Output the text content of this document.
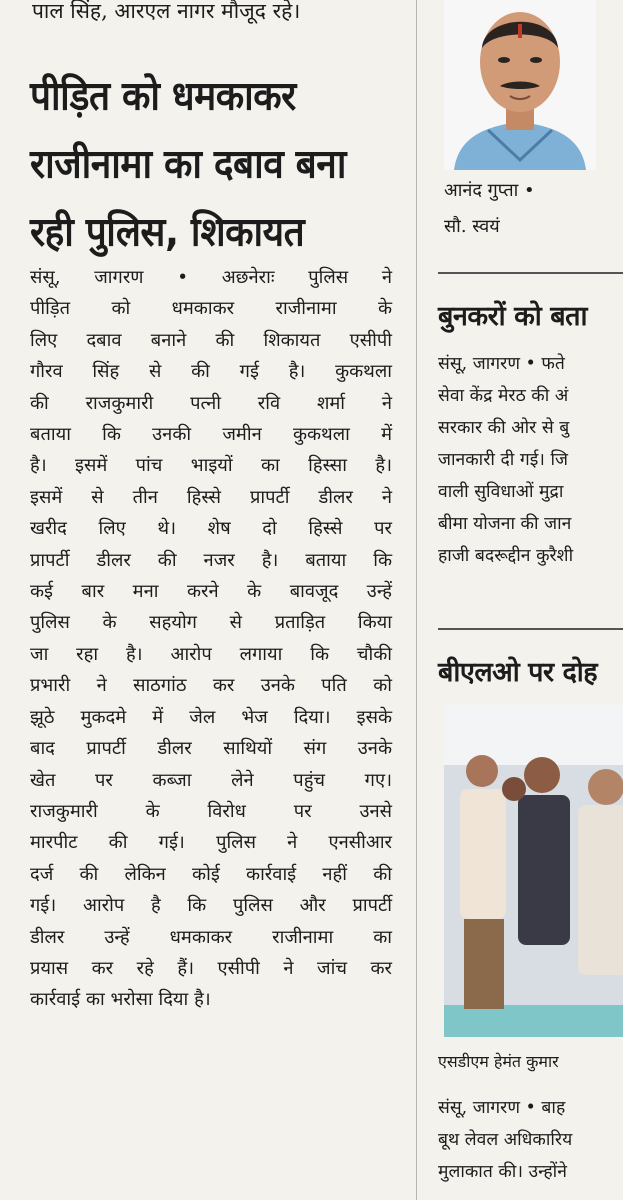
पाल सिंह, आरएल नागर मौजूद रहे।
पीड़ित को धमकाकर
राजीनामा का दबाव बना
रही पुलिस, शिकायत
संसू, जागरण • अछनेराः पुलिस ने
पीड़ित को धमकाकर राजीनामा के
लिए दबाव बनाने की शिकायत एसीपी
गौरव सिंह से की गई है। कुकथला
की राजकुमारी पत्नी रवि शर्मा ने
बताया कि उनकी जमीन कुकथला में
है। इसमें पांच भाइयों का हिस्सा है।
इसमें से तीन हिस्से प्रापर्टी डीलर ने
खरीद लिए थे। शेष दो हिस्से पर
प्रापर्टी डीलर की नजर है। बताया कि
कई बार मना करने के बावजूद उन्हें
पुलिस के सहयोग से प्रताड़ित किया
जा रहा है। आरोप लगाया कि चौकी
प्रभारी ने साठगांठ कर उनके पति को
झूठे मुकदमे में जेल भेज दिया। इसके
बाद प्रापर्टी डीलर साथियों संग उनके
खेत पर कब्जा लेने पहुंच गए।
राजकुमारी के विरोध पर उनसे
मारपीट की गई। पुलिस ने एनसीआर
दर्ज की लेकिन कोई कार्रवाई नहीं की
गई। आरोप है कि पुलिस और प्रापर्टी
डीलर उन्हें धमकाकर राजीनामा का
प्रयास कर रहे हैं। एसीपी ने जांच कर
कार्रवाई का भरोसा दिया है।
आनंद गुप्ता •
सौ. स्वयं
बुनकरों को बता
संसू, जागरण • फते
सेवा केंद्र मेरठ की अं
सरकार की ओर से बु
जानकारी दी गई। जि
वाली सुविधाओं मुद्रा
बीमा योजना की जान
हाजी बदरूद्दीन कुरैशी
बीएलओ पर दोह
एसडीएम हेमंत कुमार
संसू, जागरण • बाह
बूथ लेवल अधिकारिय
मुलाकात की। उन्होंने
